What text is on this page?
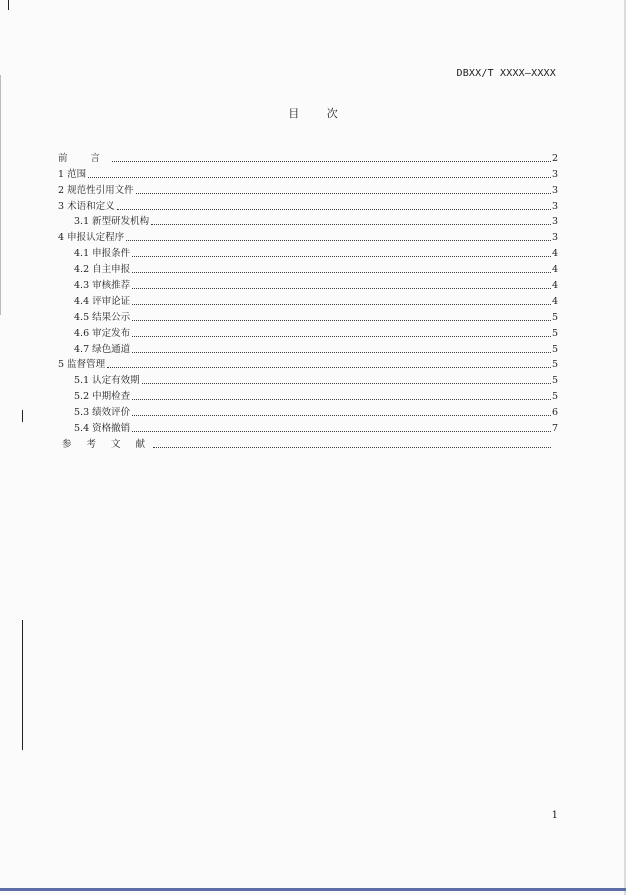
DBXX/T XXXX—XXXX
目 次
前 言	2
1 范围	3
2 规范性引用文件	3
3 术语和定义	3
3.1 新型研发机构	3
4 申报认定程序	3
4.1 申报条件	4
4.2 自主申报	4
4.3 审核推荐	4
4.4 评审论证	4
4.5 结果公示	5
4.6 审定发布	5
4.7 绿色通道	5
5 监督管理	5
5.1 认定有效期	5
5.2 中期检查	5
5.3 绩效评价	6
5.4 资格撤销	7
参 考 文 献
1
